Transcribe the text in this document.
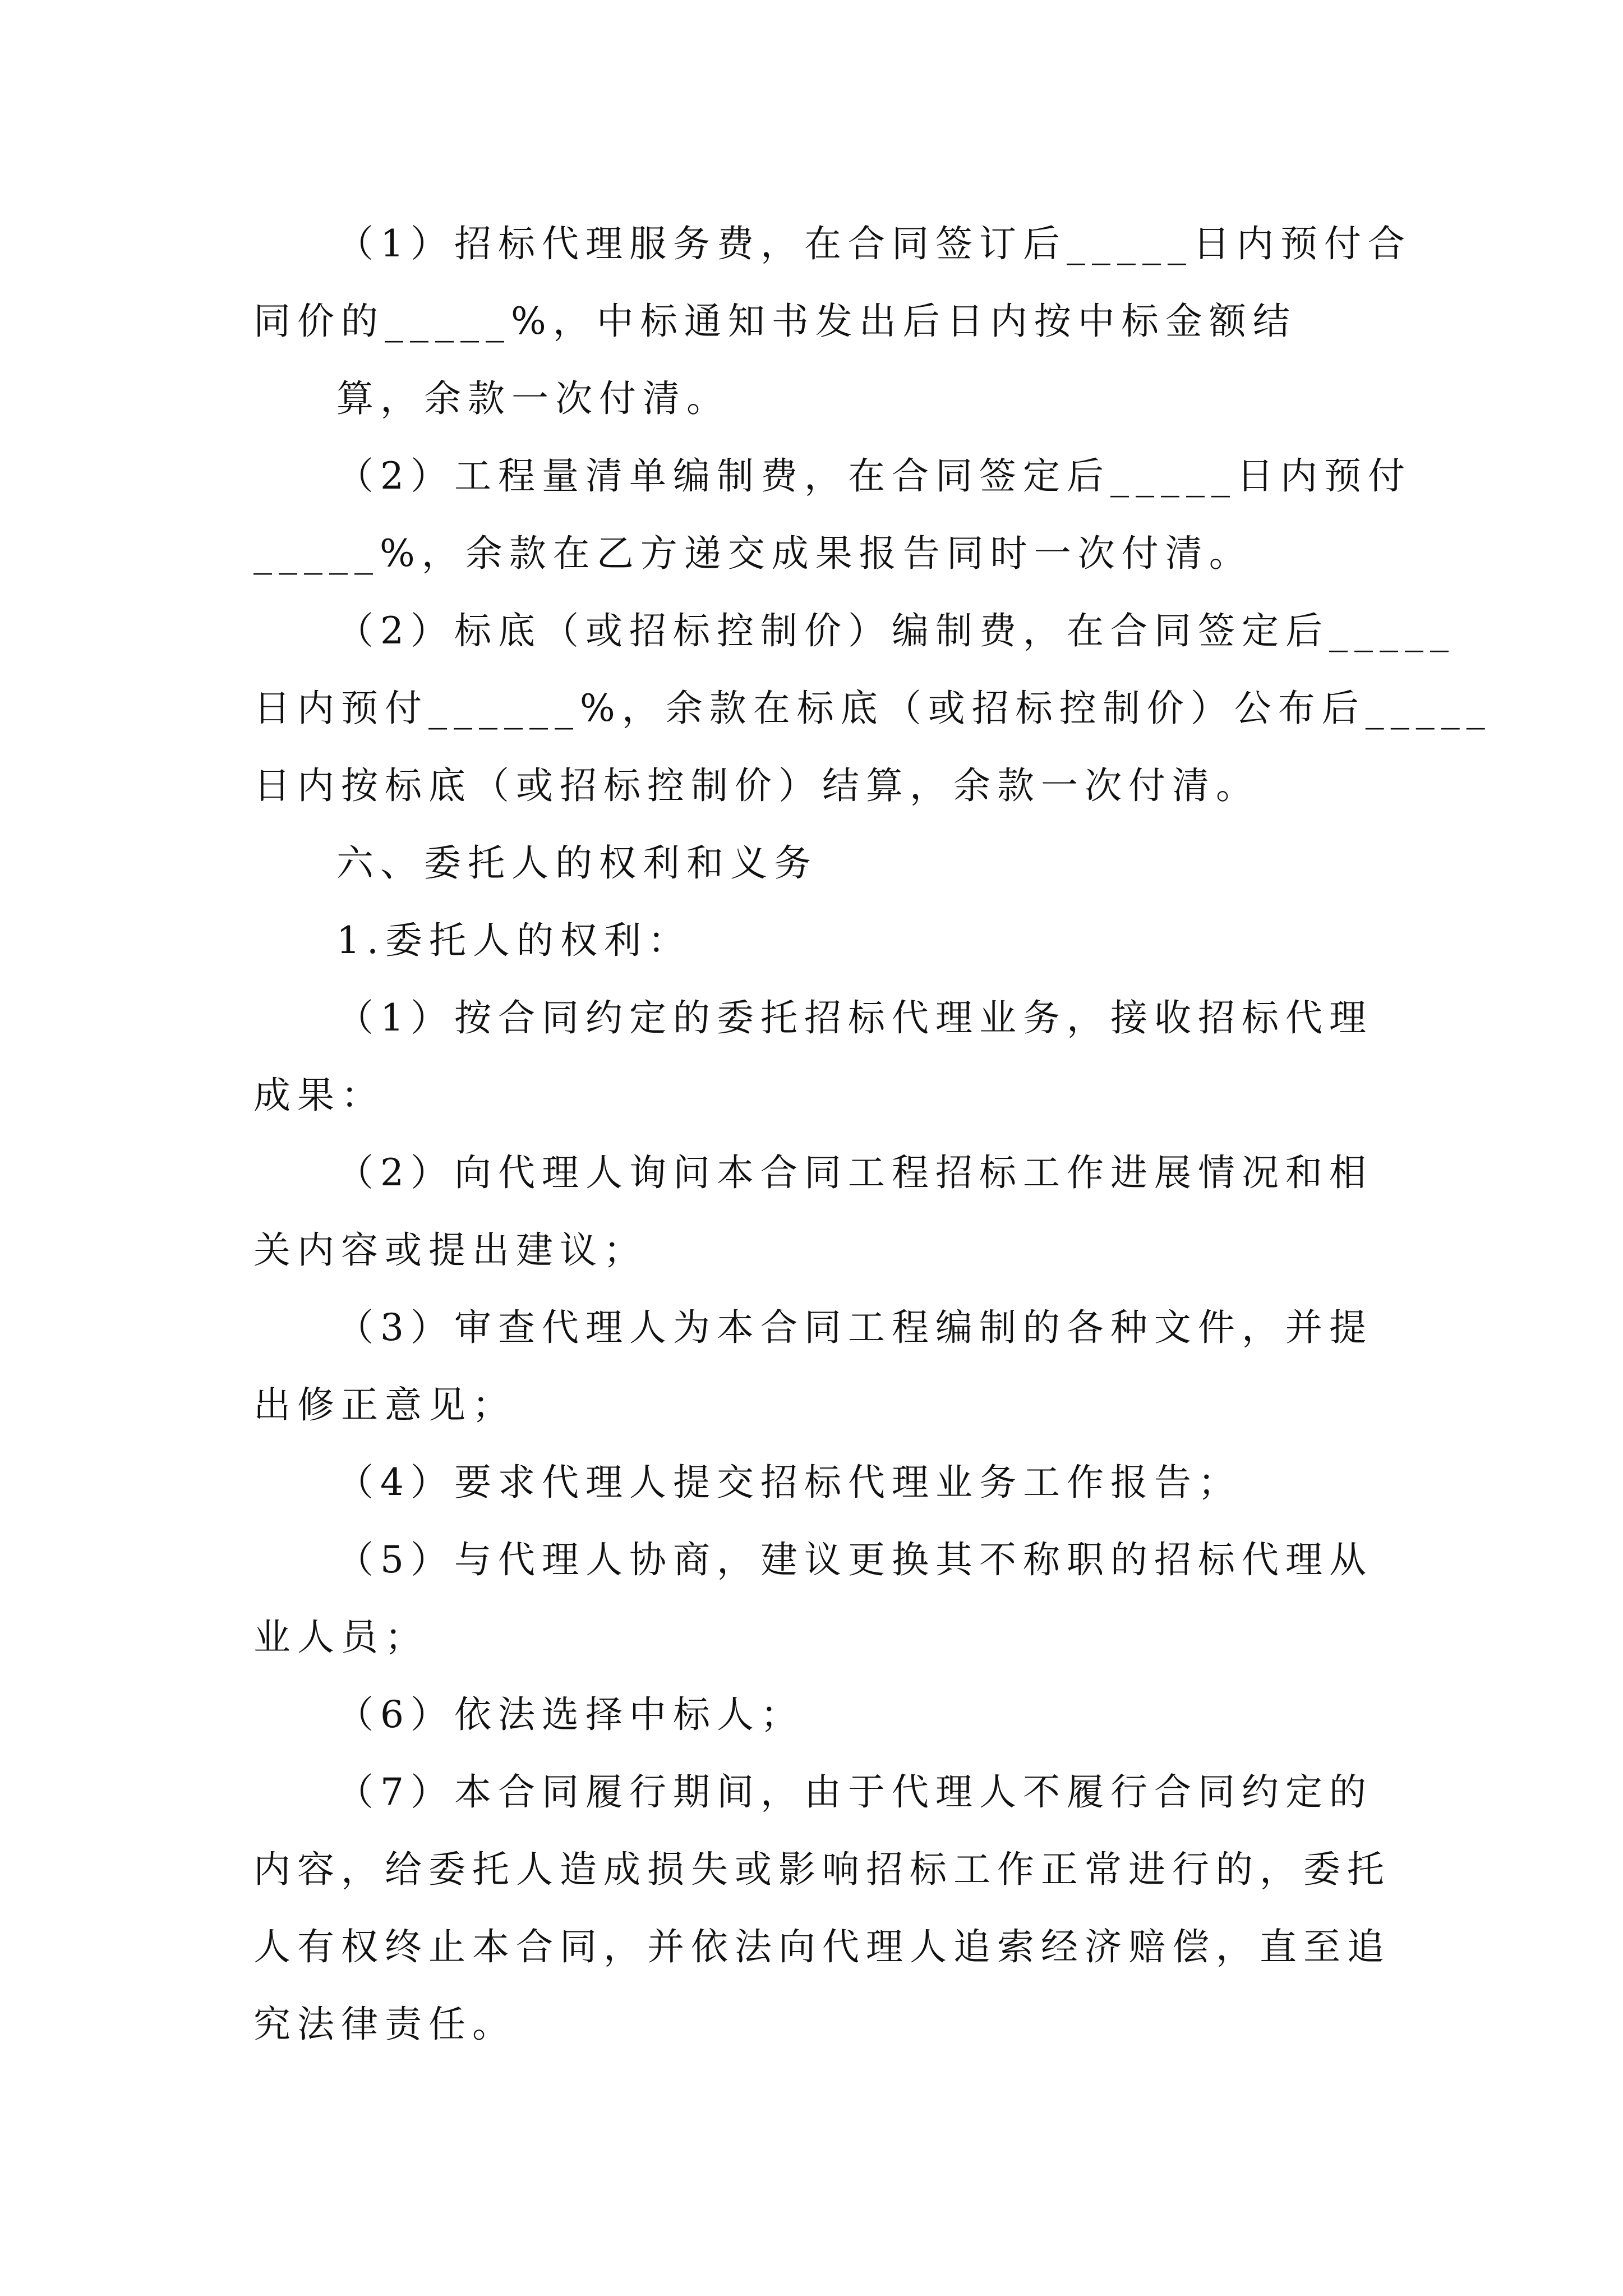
（1）招标代理服务费，在合同签订后_____日内预付合
同价的_____%，中标通知书发出后日内按中标金额结
算，余款一次付清。
（2）工程量清单编制费，在合同签定后_____日内预付
_____%，余款在乙方递交成果报告同时一次付清。
（2）标底（或招标控制价）编制费，在合同签定后_____
日内预付______%，余款在标底（或招标控制价）公布后_____
日内按标底（或招标控制价）结算，余款一次付清。
六、委托人的权利和义务
1.委托人的权利：
（1）按合同约定的委托招标代理业务，接收招标代理
成果：
（2）向代理人询问本合同工程招标工作进展情况和相
关内容或提出建议；
（3）审查代理人为本合同工程编制的各种文件，并提
出修正意见；
（4）要求代理人提交招标代理业务工作报告；
（5）与代理人协商，建议更换其不称职的招标代理从
业人员；
（6）依法选择中标人；
（7）本合同履行期间，由于代理人不履行合同约定的
内容，给委托人造成损失或影响招标工作正常进行的，委托
人有权终止本合同，并依法向代理人追索经济赔偿，直至追
究法律责任。
